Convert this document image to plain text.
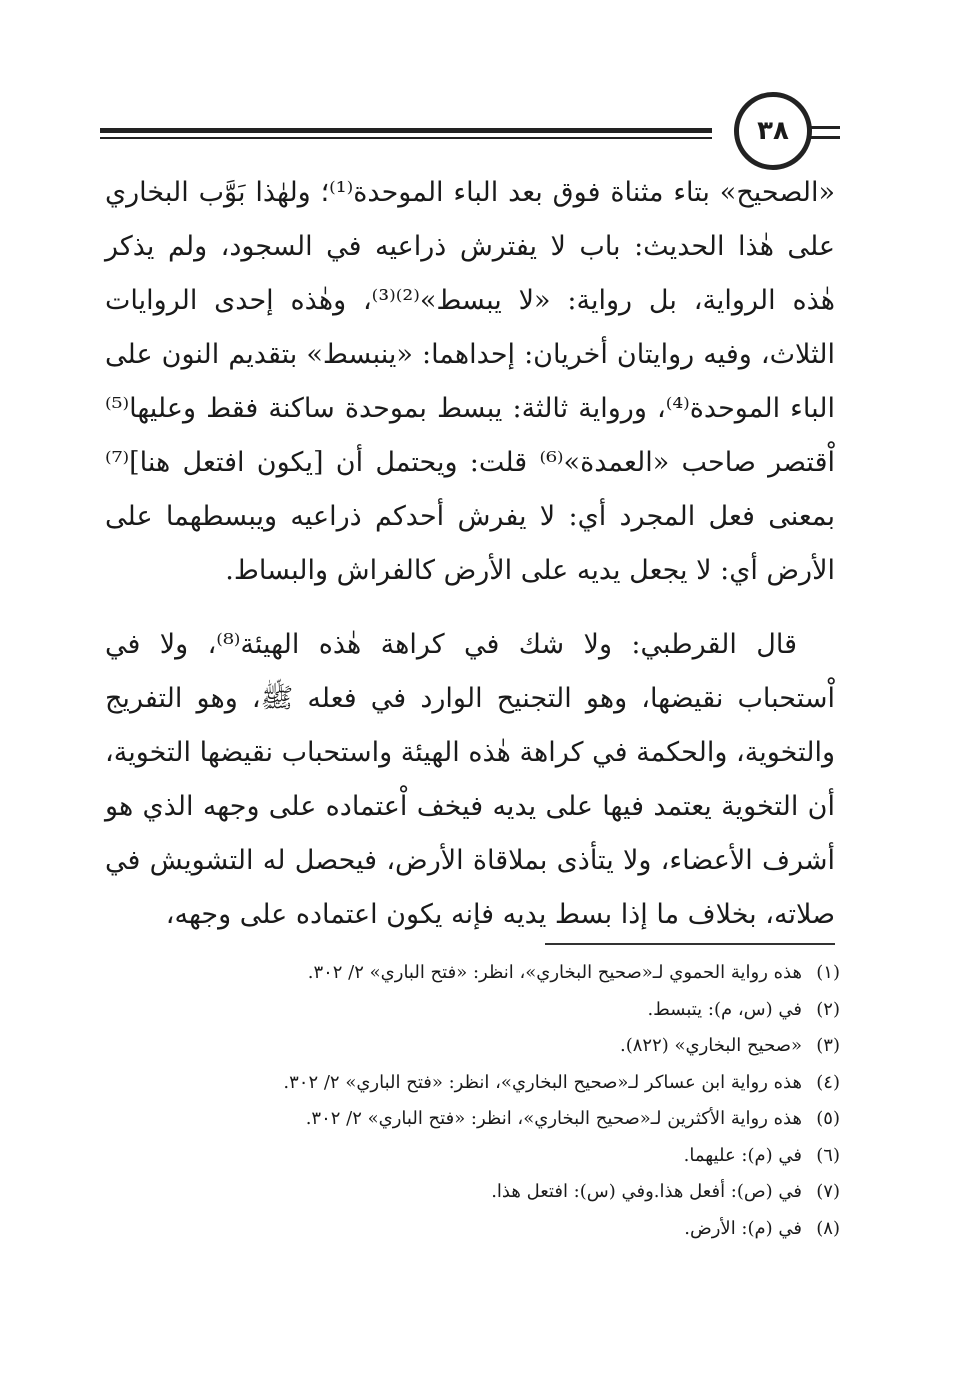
٣٨

«الصحيح» بتاء مثناة فوق بعد الباء الموحدة⁽¹⁾؛ ولهٰذا بَوَّب البخاري على هٰذا الحديث: باب لا يفترش ذراعيه في السجود، ولم يذكر هٰذه الرواية، بل رواية: «لا يبسط»⁽²⁾⁽³⁾، وهٰذه إحدى الروايات الثلاث، وفيه روايتان أخريان: إحداهما: «ينبسط» بتقديم النون على الباء الموحدة⁽⁴⁾، ورواية ثالثة: يبسط بموحدة ساكنة فقط وعليها⁽⁵⁾ اْقتصر صاحب «العمدة»⁽⁶⁾ قلت: ويحتمل أن [يكون افتعل هنا]⁽⁷⁾ بمعنى فعل المجرد أي: لا يفرش أحدكم ذراعيه ويبسطهما على الأرض أي: لا يجعل يديه على الأرض كالفراش والبساط.

قال القرطبي: ولا شك في كراهة هٰذه الهيئة⁽⁸⁾، ولا في اْستحباب نقيضها، وهو التجنيح الوارد في فعله ﷺ، وهو التفريج والتخوية، والحكمة في كراهة هٰذه الهيئة واستحباب نقيضها التخوية، أن التخوية يعتمد فيها على يديه فيخف اْعتماده على وجهه الذي هو أشرف الأعضاء، ولا يتأذى بملاقاة الأرض، فيحصل له التشويش في صلاته، بخلاف ما إذا بسط يديه فإنه يكون اعتماده على وجهه،

(١)
هذه رواية الحموي لـ«صحيح البخاري»، انظر: «فتح الباري» ٢/ ٣٠٢.
(٢)
في (س، م): يتبسط.
(٣)
«صحيح البخاري» (٨٢٢).
(٤)
هذه رواية ابن عساكر لـ«صحيح البخاري»، انظر: «فتح الباري» ٢/ ٣٠٢.
(٥)
هذه رواية الأكثرين لـ«صحيح البخاري»، انظر: «فتح الباري» ٢/ ٣٠٢.
(٦)
في (م): عليهما.
(٧)
في (ص): أفعل هذا.وفي (س): افتعل هذا.
(٨)
في (م): الأرض.
